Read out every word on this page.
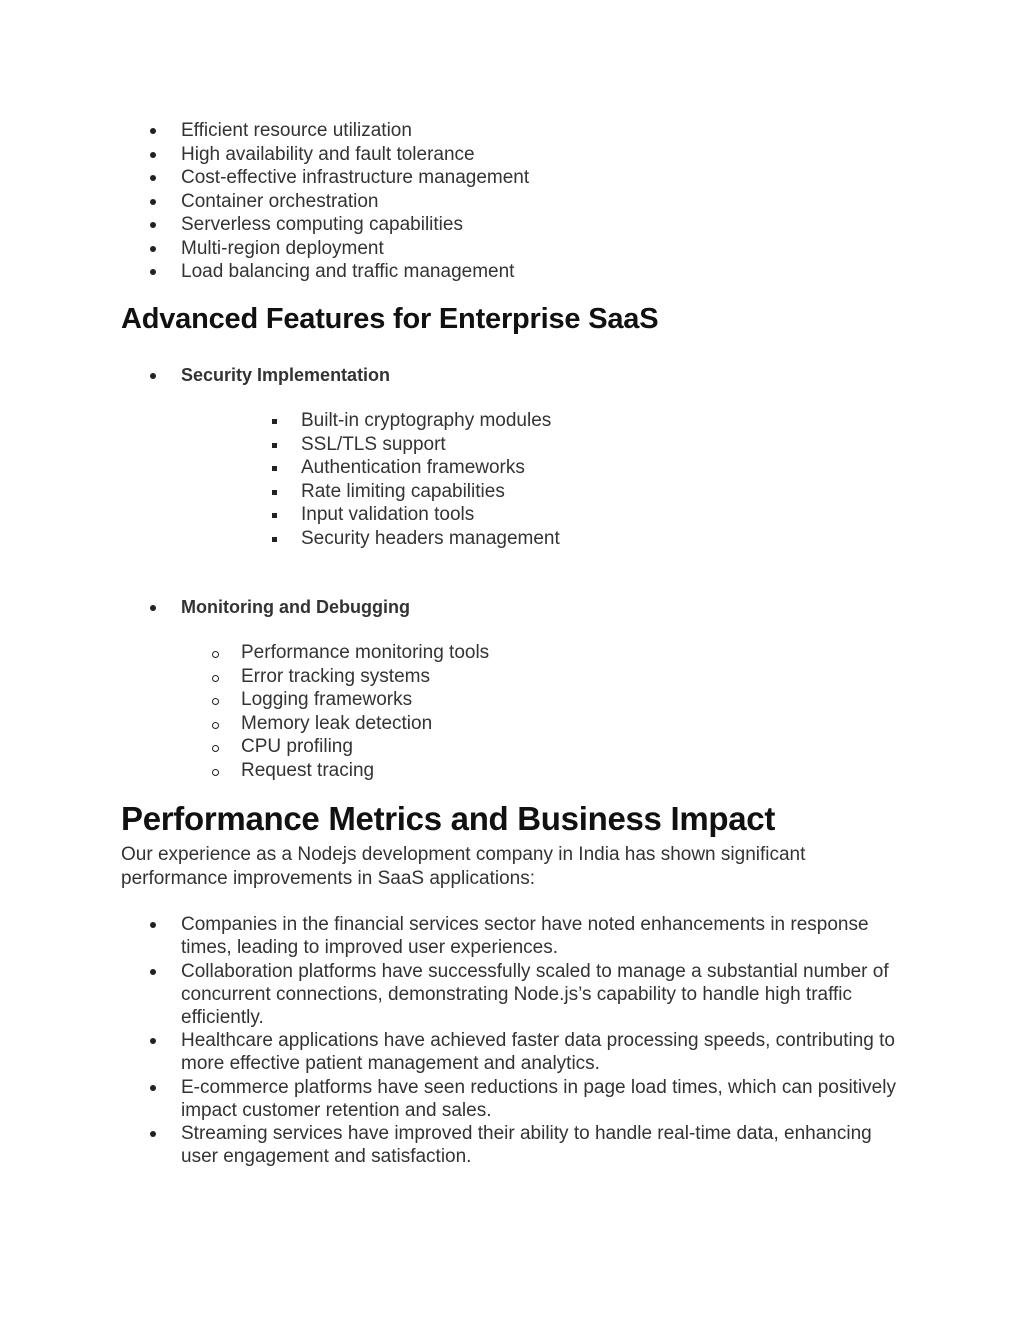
Efficient resource utilization
High availability and fault tolerance
Cost-effective infrastructure management
Container orchestration
Serverless computing capabilities
Multi-region deployment
Load balancing and traffic management
Advanced Features for Enterprise SaaS
Security Implementation
Built-in cryptography modules
SSL/TLS support
Authentication frameworks
Rate limiting capabilities
Input validation tools
Security headers management
Monitoring and Debugging
Performance monitoring tools
Error tracking systems
Logging frameworks
Memory leak detection
CPU profiling
Request tracing
Performance Metrics and Business Impact

Our experience as a Nodejs development company in India has shown significant performance improvements in SaaS applications:

Companies in the financial services sector have noted enhancements in response times, leading to improved user experiences.
Collaboration platforms have successfully scaled to manage a substantial number of concurrent connections, demonstrating Node.js’s capability to handle high traffic efficiently.
Healthcare applications have achieved faster data processing speeds, contributing to more effective patient management and analytics.
E-commerce platforms have seen reductions in page load times, which can positively impact customer retention and sales.
Streaming services have improved their ability to handle real-time data, enhancing user engagement and satisfaction.
